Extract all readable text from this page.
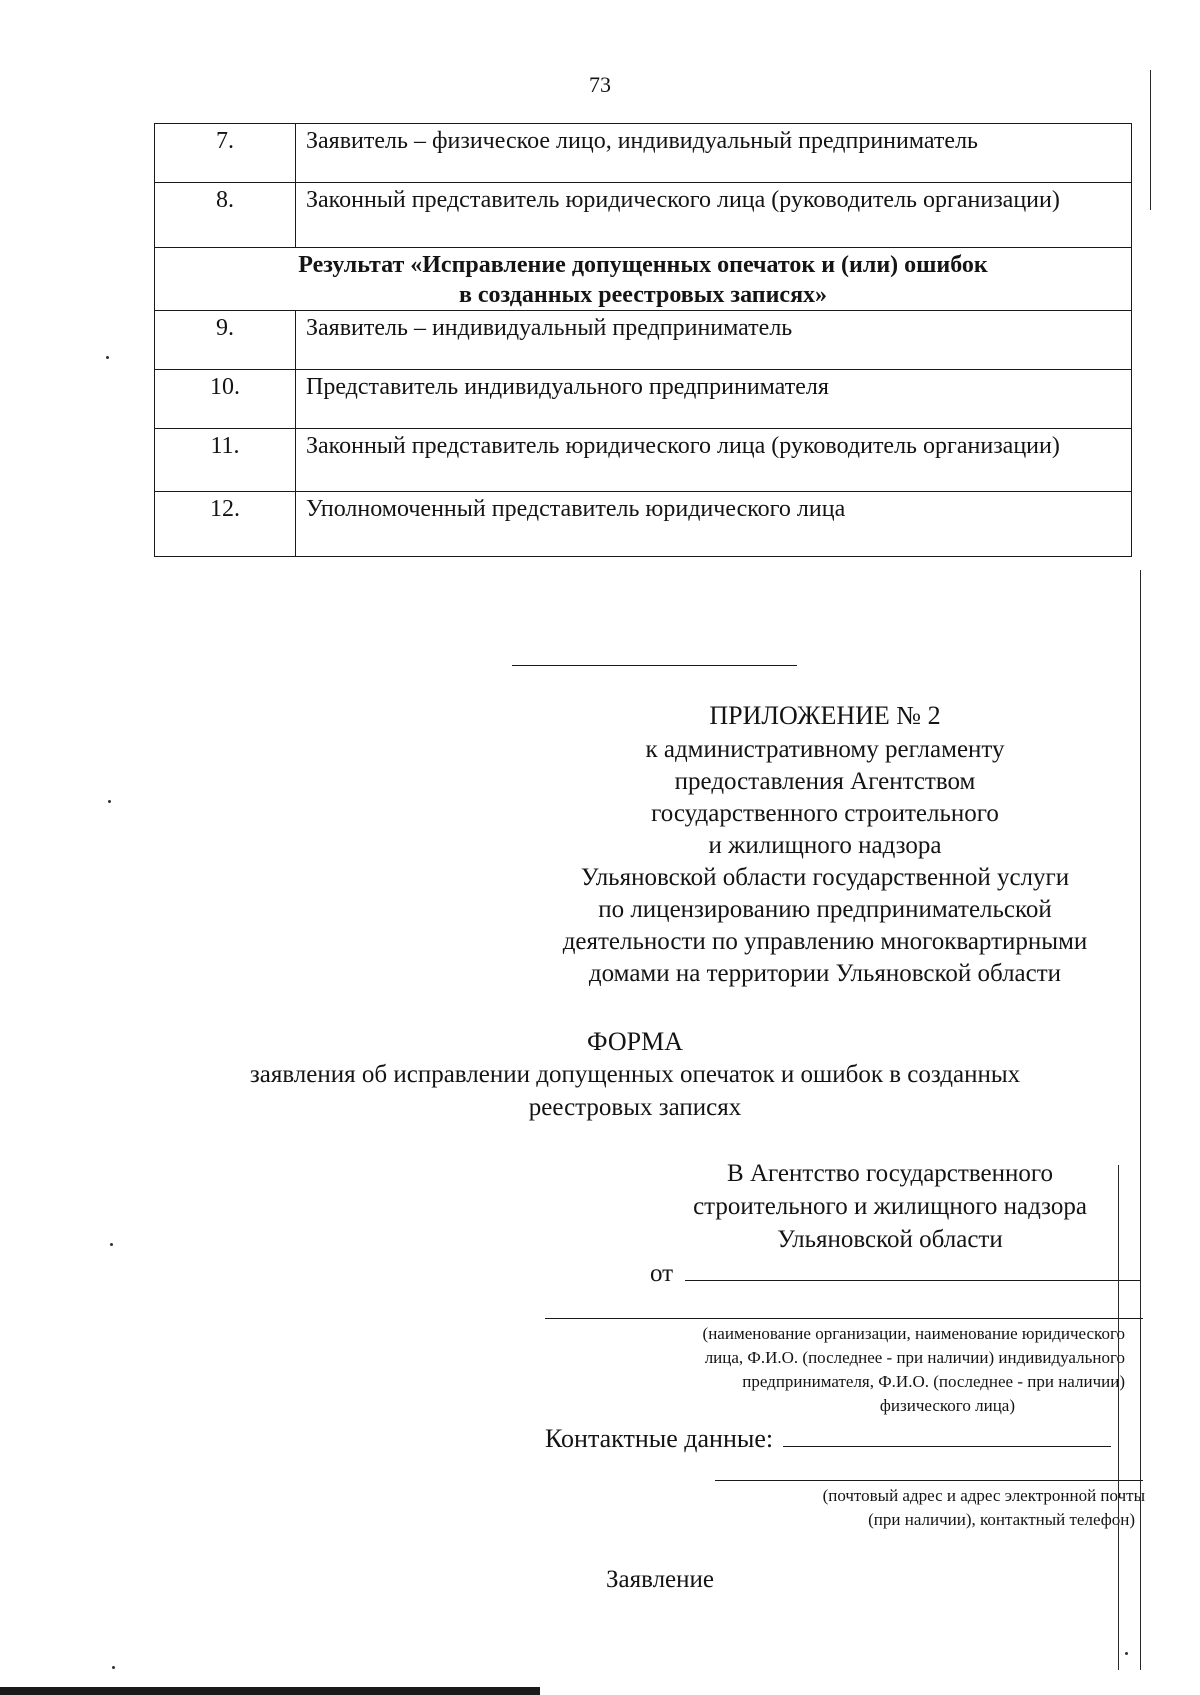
73
7.	Заявитель – физическое лицо, индивидуальный предприниматель
8.	Законный представитель юридического лица (руководитель организации)

Результат «Исправление допущенных опечаток и (или) ошибок
в созданных реестровых записях»	

9.	Заявитель – индивидуальный предприниматель
10.	Представитель индивидуального предпринимателя
11.	Законный представитель юридического лица (руководитель организации)
12.	Уполномоченный представитель юридического лица
ПРИЛОЖЕНИЕ № 2
к административному регламенту
предоставления Агентством
государственного строительного
и жилищного надзора
Ульяновской области государственной услуги
по лицензированию предпринимательской
деятельности по управлению многоквартирными
домами на территории Ульяновской области
ФОРМА
заявления об исправлении допущенных опечаток и ошибок в созданных
реестровых записях
В Агентство государственного
строительного и жилищного надзора
Ульяновской области
от
(наименование организации, наименование юридического
лица, Ф.И.О. (последнее - при наличии) индивидуального
предпринимателя, Ф.И.О. (последнее - при наличии)
физического лица)
Контактные данные:
(почтовый адрес и адрес электронной почты
(при наличии), контактный телефон)
Заявление
